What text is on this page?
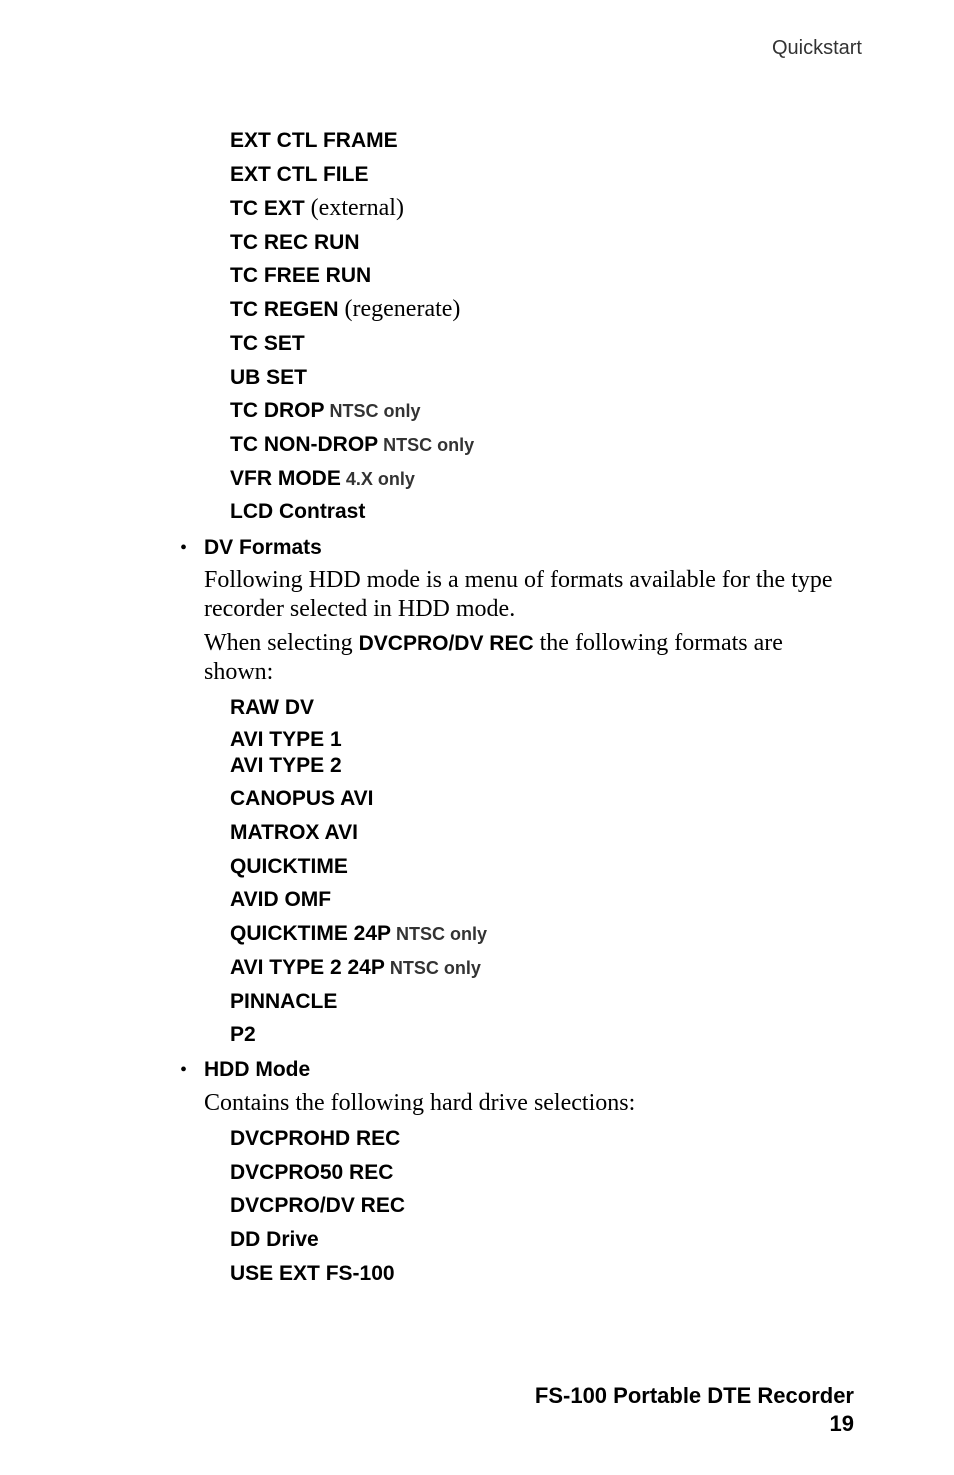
Quickstart
EXT CTL FRAME
EXT CTL FILE
TC EXT (external)
TC REC RUN
TC FREE RUN
TC REGEN (regenerate)
TC SET
UB SET
TC DROP NTSC only
TC NON-DROP NTSC only
VFR MODE 4.X only
LCD Contrast
• DV Formats
Following HDD mode is a menu of formats available for the type recorder selected in HDD mode.
When selecting DVCPRO/DV REC the following formats are shown:
RAW DV
AVI TYPE 1
AVI TYPE 2
CANOPUS AVI
MATROX AVI
QUICKTIME
AVID OMF
QUICKTIME 24P NTSC only
AVI TYPE 2 24P NTSC only
PINNACLE
P2
• HDD Mode
Contains the following hard drive selections:
DVCPROHD REC
DVCPRO50 REC
DVCPRO/DV REC
DD Drive
USE EXT FS-100
FS-100 Portable DTE Recorder
19
